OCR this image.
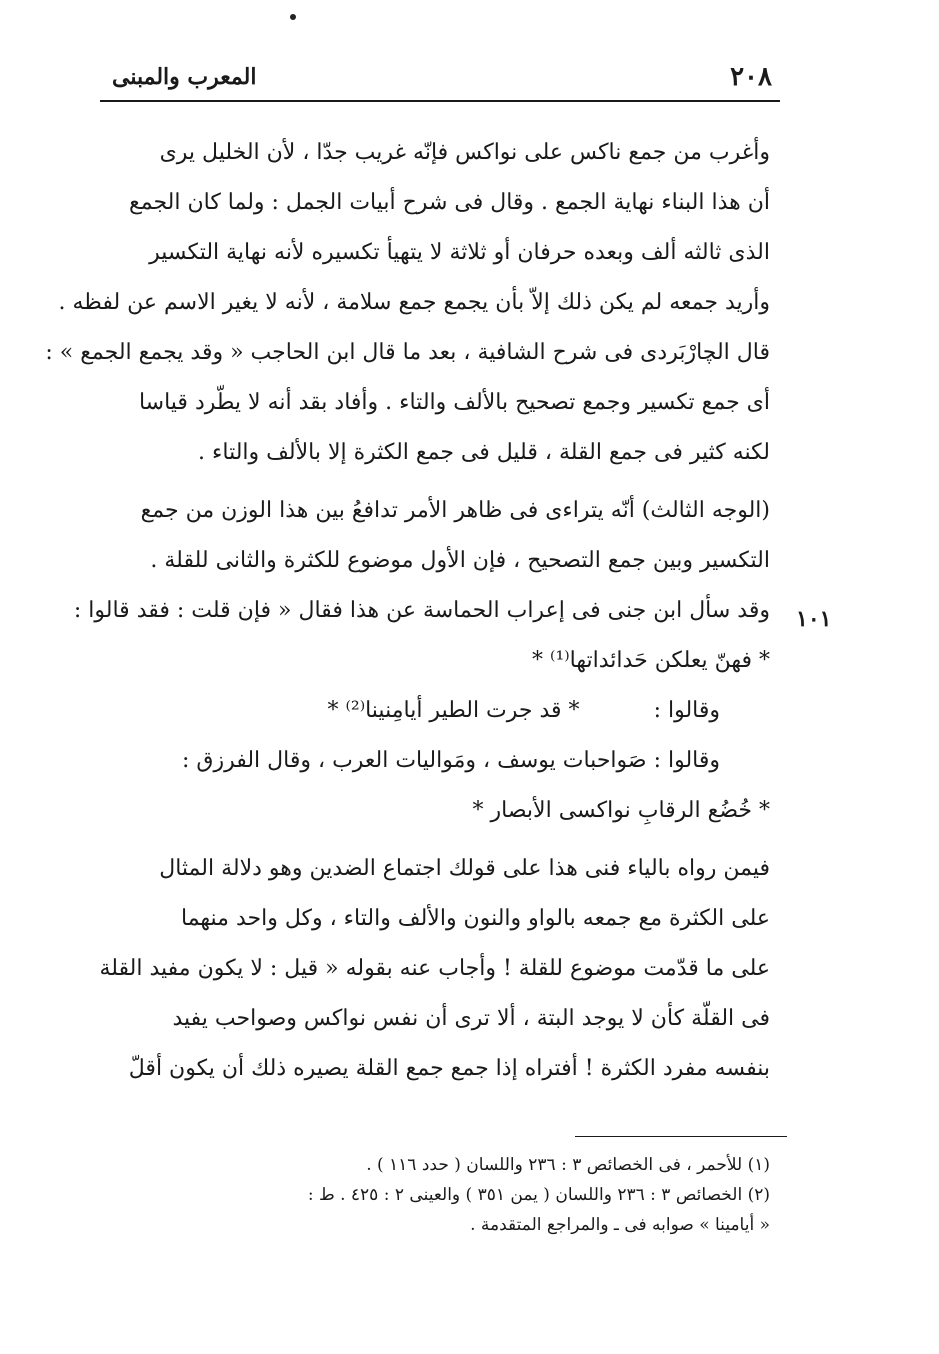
٢٠٨
المعرب والمبنى
١٠١
وأغرب من جمع ناكس على نواكس فإنّه غريب جدّا ، لأن الخليل يرى
أن هذا البناء نهاية الجمع . وقال فى شرح أبيات الجمل : ولما كان الجمع
الذى ثالثه ألف وبعده حرفان أو ثلاثة لا يتهيأ تكسيره لأنه نهاية التكسير
وأريد جمعه لم يكن ذلك إلاّ بأن يجمع جمع سلامة ، لأنه لا يغير الاسم عن لفظه .
قال الچارْبَردى فى شرح الشافية ، بعد ما قال ابن الحاجب « وقد يجمع الجمع » :
أى جمع تكسير وجمع تصحيح بالألف والتاء . وأفاد بقد أنه لا يطّرد قياسا
لكنه كثير فى جمع القلة ، قليل فى جمع الكثرة إلا بالألف والتاء .
(الوجه الثالث) أنّه يتراءى فى ظاهر الأمر تدافعُ بين هذا الوزن من جمع
التكسير وبين جمع التصحيح ، فإن الأول موضوع للكثرة والثانى للقلة .
وقد سأل ابن جنى فى إعراب الحماسة عن هذا فقال « فإن قلت : فقد قالوا :
* فهنّ يعلكن حَدائداتها⁽¹⁾ *
وقالوا :  * قد جرت الطير أيامِنينا⁽²⁾ *
وقالوا : صَواحبات يوسف ، ومَواليات العرب ، وقال الفرزق :
* خُضُع الرقابِ نواكسى الأبصار *
فيمن رواه بالياء فنى هذا على قولك اجتماع الضدين وهو دلالة المثال
على الكثرة مع جمعه بالواو والنون والألف والتاء ، وكل واحد منهما
على ما قدّمت موضوع للقلة ! وأجاب عنه بقوله « قيل : لا يكون مفيد القلة
فى القلّة كأن لا يوجد البتة ، ألا ترى أن نفس نواكس وصواحب يفيد
بنفسه مفرد الكثرة ! أفتراه إذا جمع جمع القلة يصيره ذلك أن يكون أقلّ
(١) للأحمر ، فى الخصائص ٣ : ٢٣٦ واللسان ( حدد ١١٦ ) .
(٢) الخصائص ٣ : ٢٣٦ واللسان ( يمن ٣٥١ ) والعينى ٢ : ٤٢٥ . ط :
« أيامينا » صوابه فى ـ والمراجع المتقدمة .
